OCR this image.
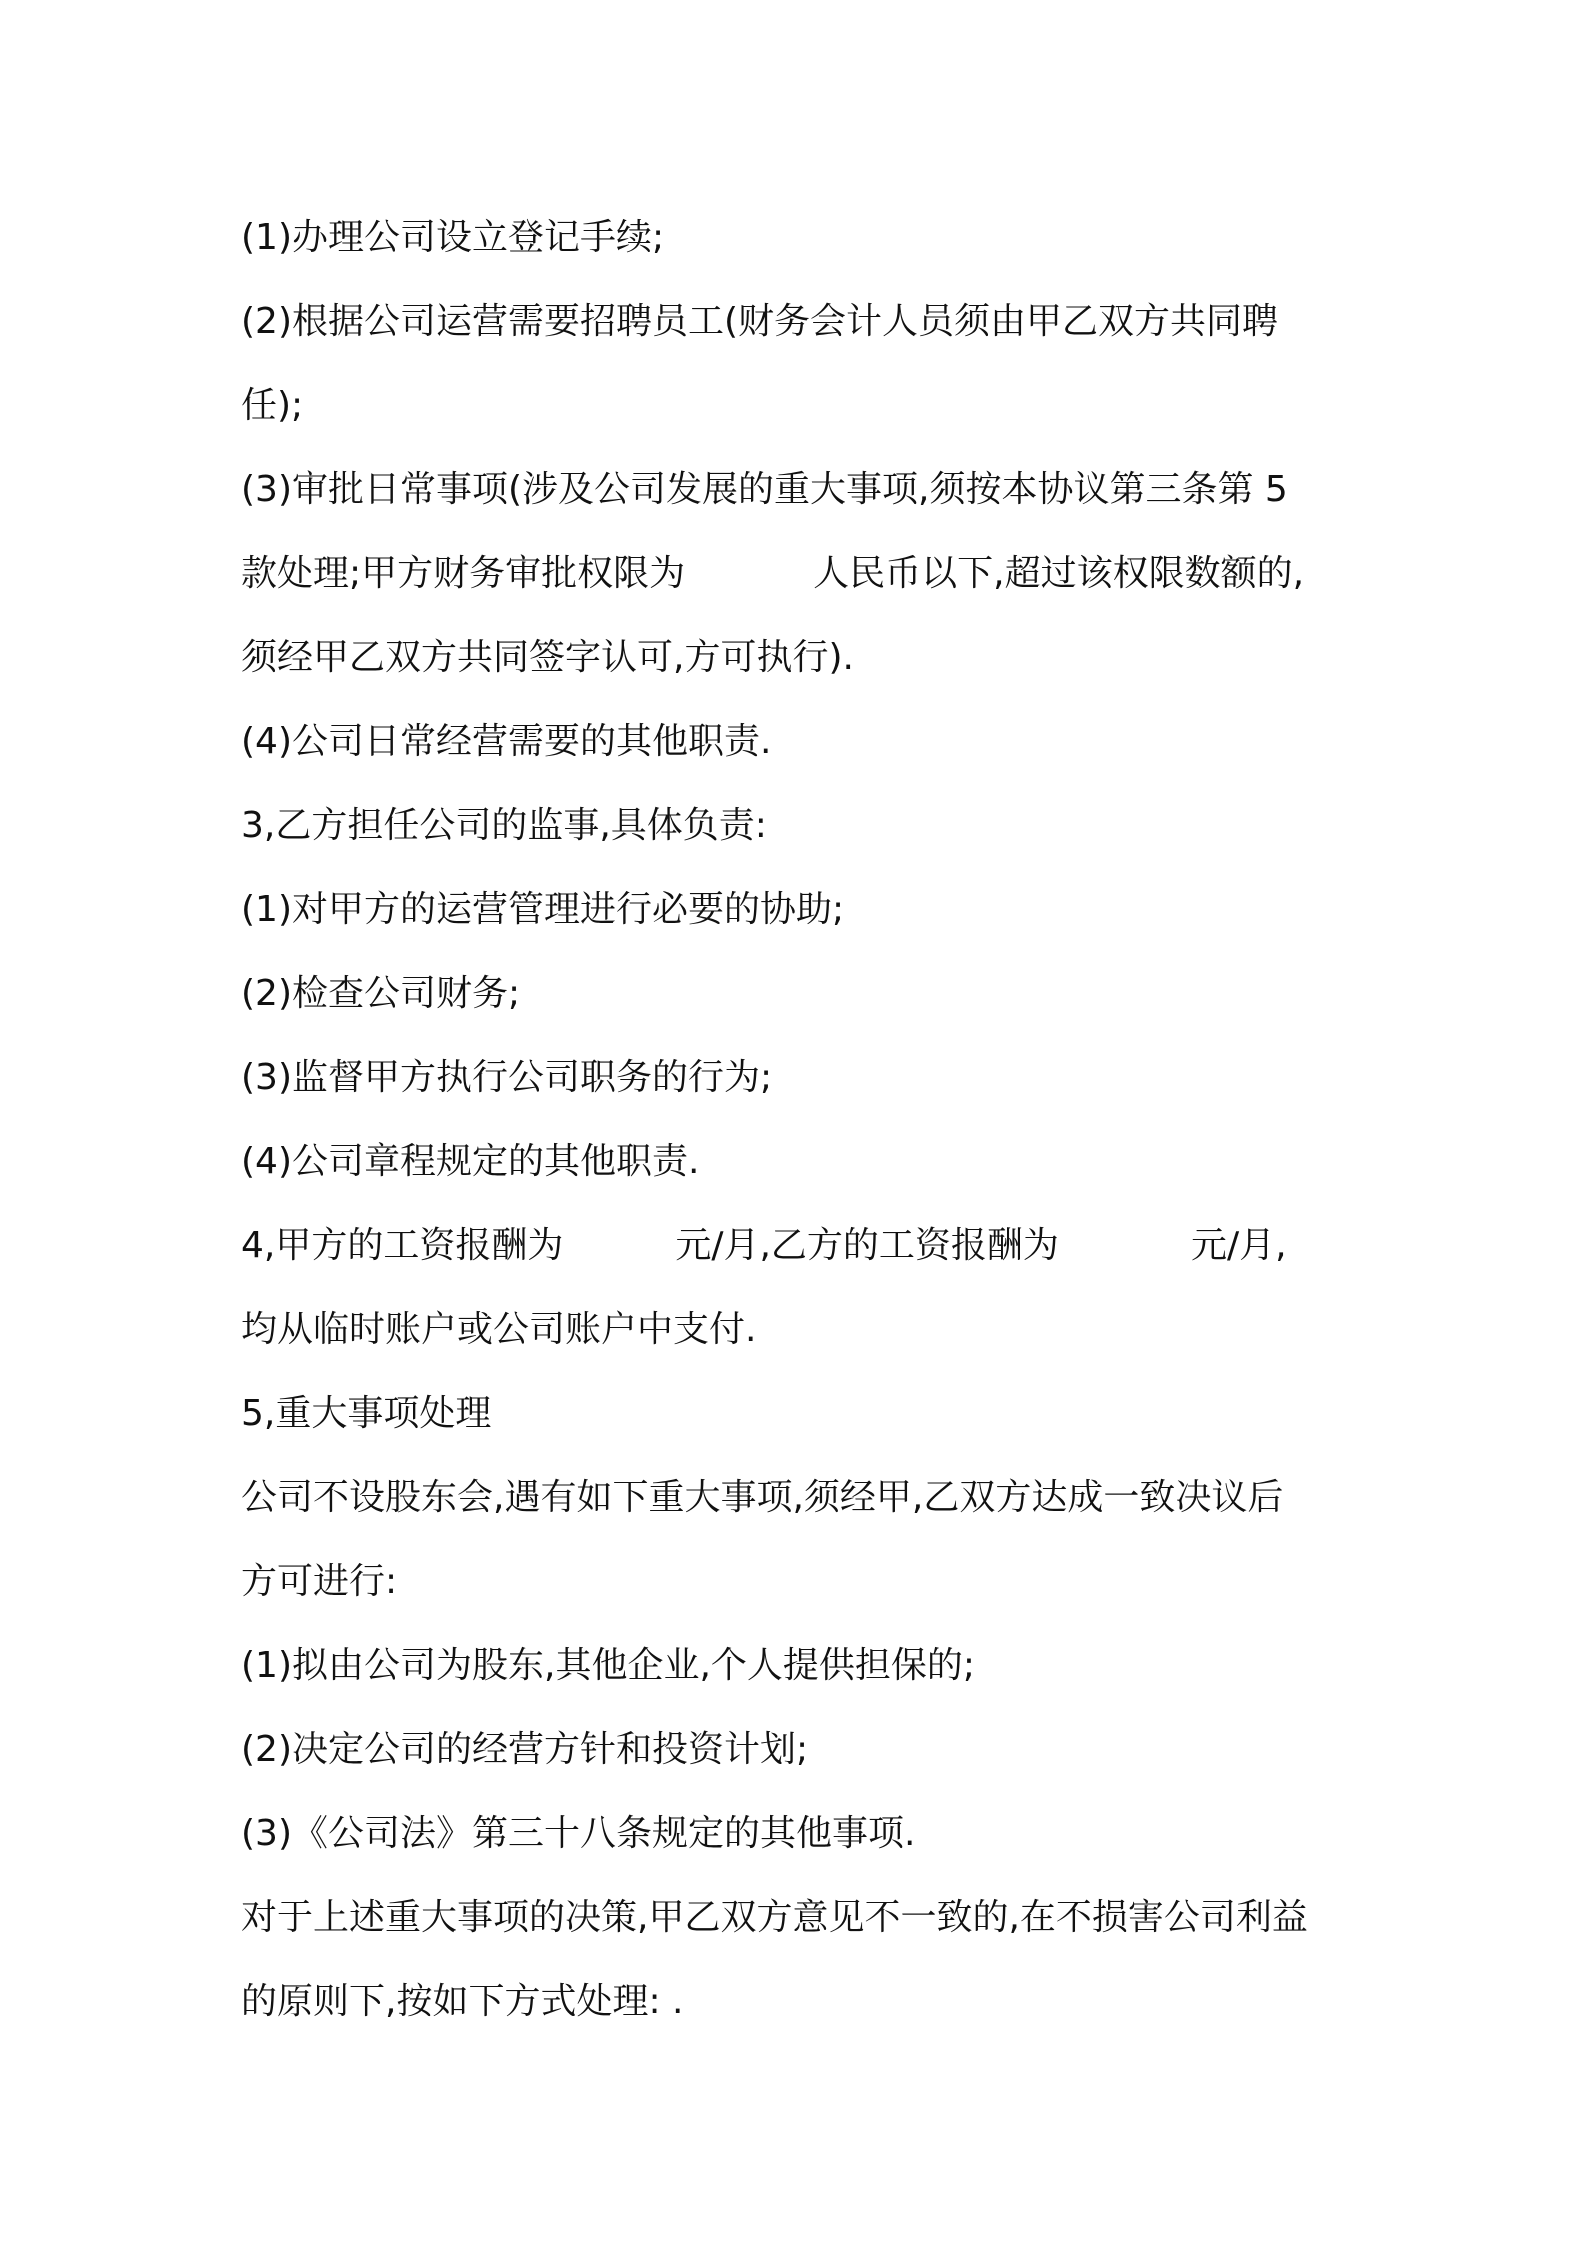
(1)办理公司设立登记手续;
(2)根据公司运营需要招聘员工(财务会计人员须由甲乙双方共同聘
任);
(3)审批日常事项(涉及公司发展的重大事项,须按本协议第三条第 5
款处理;甲方财务审批权限为	人民币以下,超过该权限数额的,
须经甲乙双方共同签字认可,方可执行).
(4)公司日常经营需要的其他职责.
3,乙方担任公司的监事,具体负责:
(1)对甲方的运营管理进行必要的协助;
(2)检查公司财务;
(3)监督甲方执行公司职务的行为;
(4)公司章程规定的其他职责.
4,甲方的工资报酬为	元/月,乙方的工资报酬为	元/月,
均从临时账户或公司账户中支付.
5,重大事项处理
公司不设股东会,遇有如下重大事项,须经甲,乙双方达成一致决议后
方可进行:
(1)拟由公司为股东,其他企业,个人提供担保的;
(2)决定公司的经营方针和投资计划;
(3)《公司法》第三十八条规定的其他事项.
对于上述重大事项的决策,甲乙双方意见不一致的,在不损害公司利益
的原则下,按如下方式处理: .
